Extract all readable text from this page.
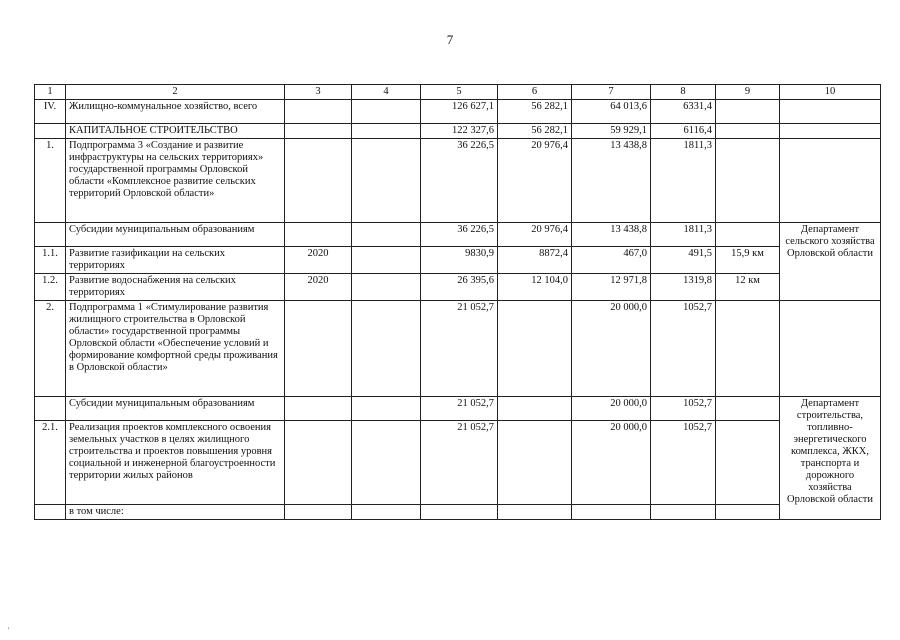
7
1	2	3	4	5	6	7	8	9	10
IV.	Жилищно-коммунальное хозяйство, всего			126 627,1	56 282,1	64 013,6	6331,4		
	КАПИТАЛЬНОЕ СТРОИТЕЛЬСТВО			122 327,6	56 282,1	59 929,1	6116,4		
1.	Подпрограмма 3 «Создание и развитие инфраструктуры на сельских территориях» государственной программы Орловской области «Комплексное развитие сельских территорий Орловской области»			36 226,5	20 976,4	13 438,8	1811,3		
	Субсидии муниципальным образованиям			36 226,5	20 976,4	13 438,8	1811,3		Департамент сельского хозяйства Орловской области
1.1.	Развитие газификации на сельских территориях	2020		9830,9	8872,4	467,0	491,5	15,9 км	
1.2.	Развитие водоснабжения на сельских территориях	2020		26 395,6	12 104,0	12 971,8	1319,8	12 км	
2.	Подпрограмма 1 «Стимулирование развития жилищного строительства в Орловской области» государственной программы Орловской области «Обеспечение условий и формирование комфортной среды проживания в Орловской области»			21 052,7		20 000,0	1052,7		
	Субсидии муниципальным образованиям			21 052,7		20 000,0	1052,7		Департамент строительства, топливно-энергетического комплекса, ЖКХ, транспорта и дорожного хозяйства Орловской области
2.1.	Реализация проектов комплексного освоения земельных участков в целях жилищного строительства и проектов повышения уровня социальной и инженерной благоустроенности территории жилых районов			21 052,7		20 000,0	1052,7		
	в том числе:								
'
